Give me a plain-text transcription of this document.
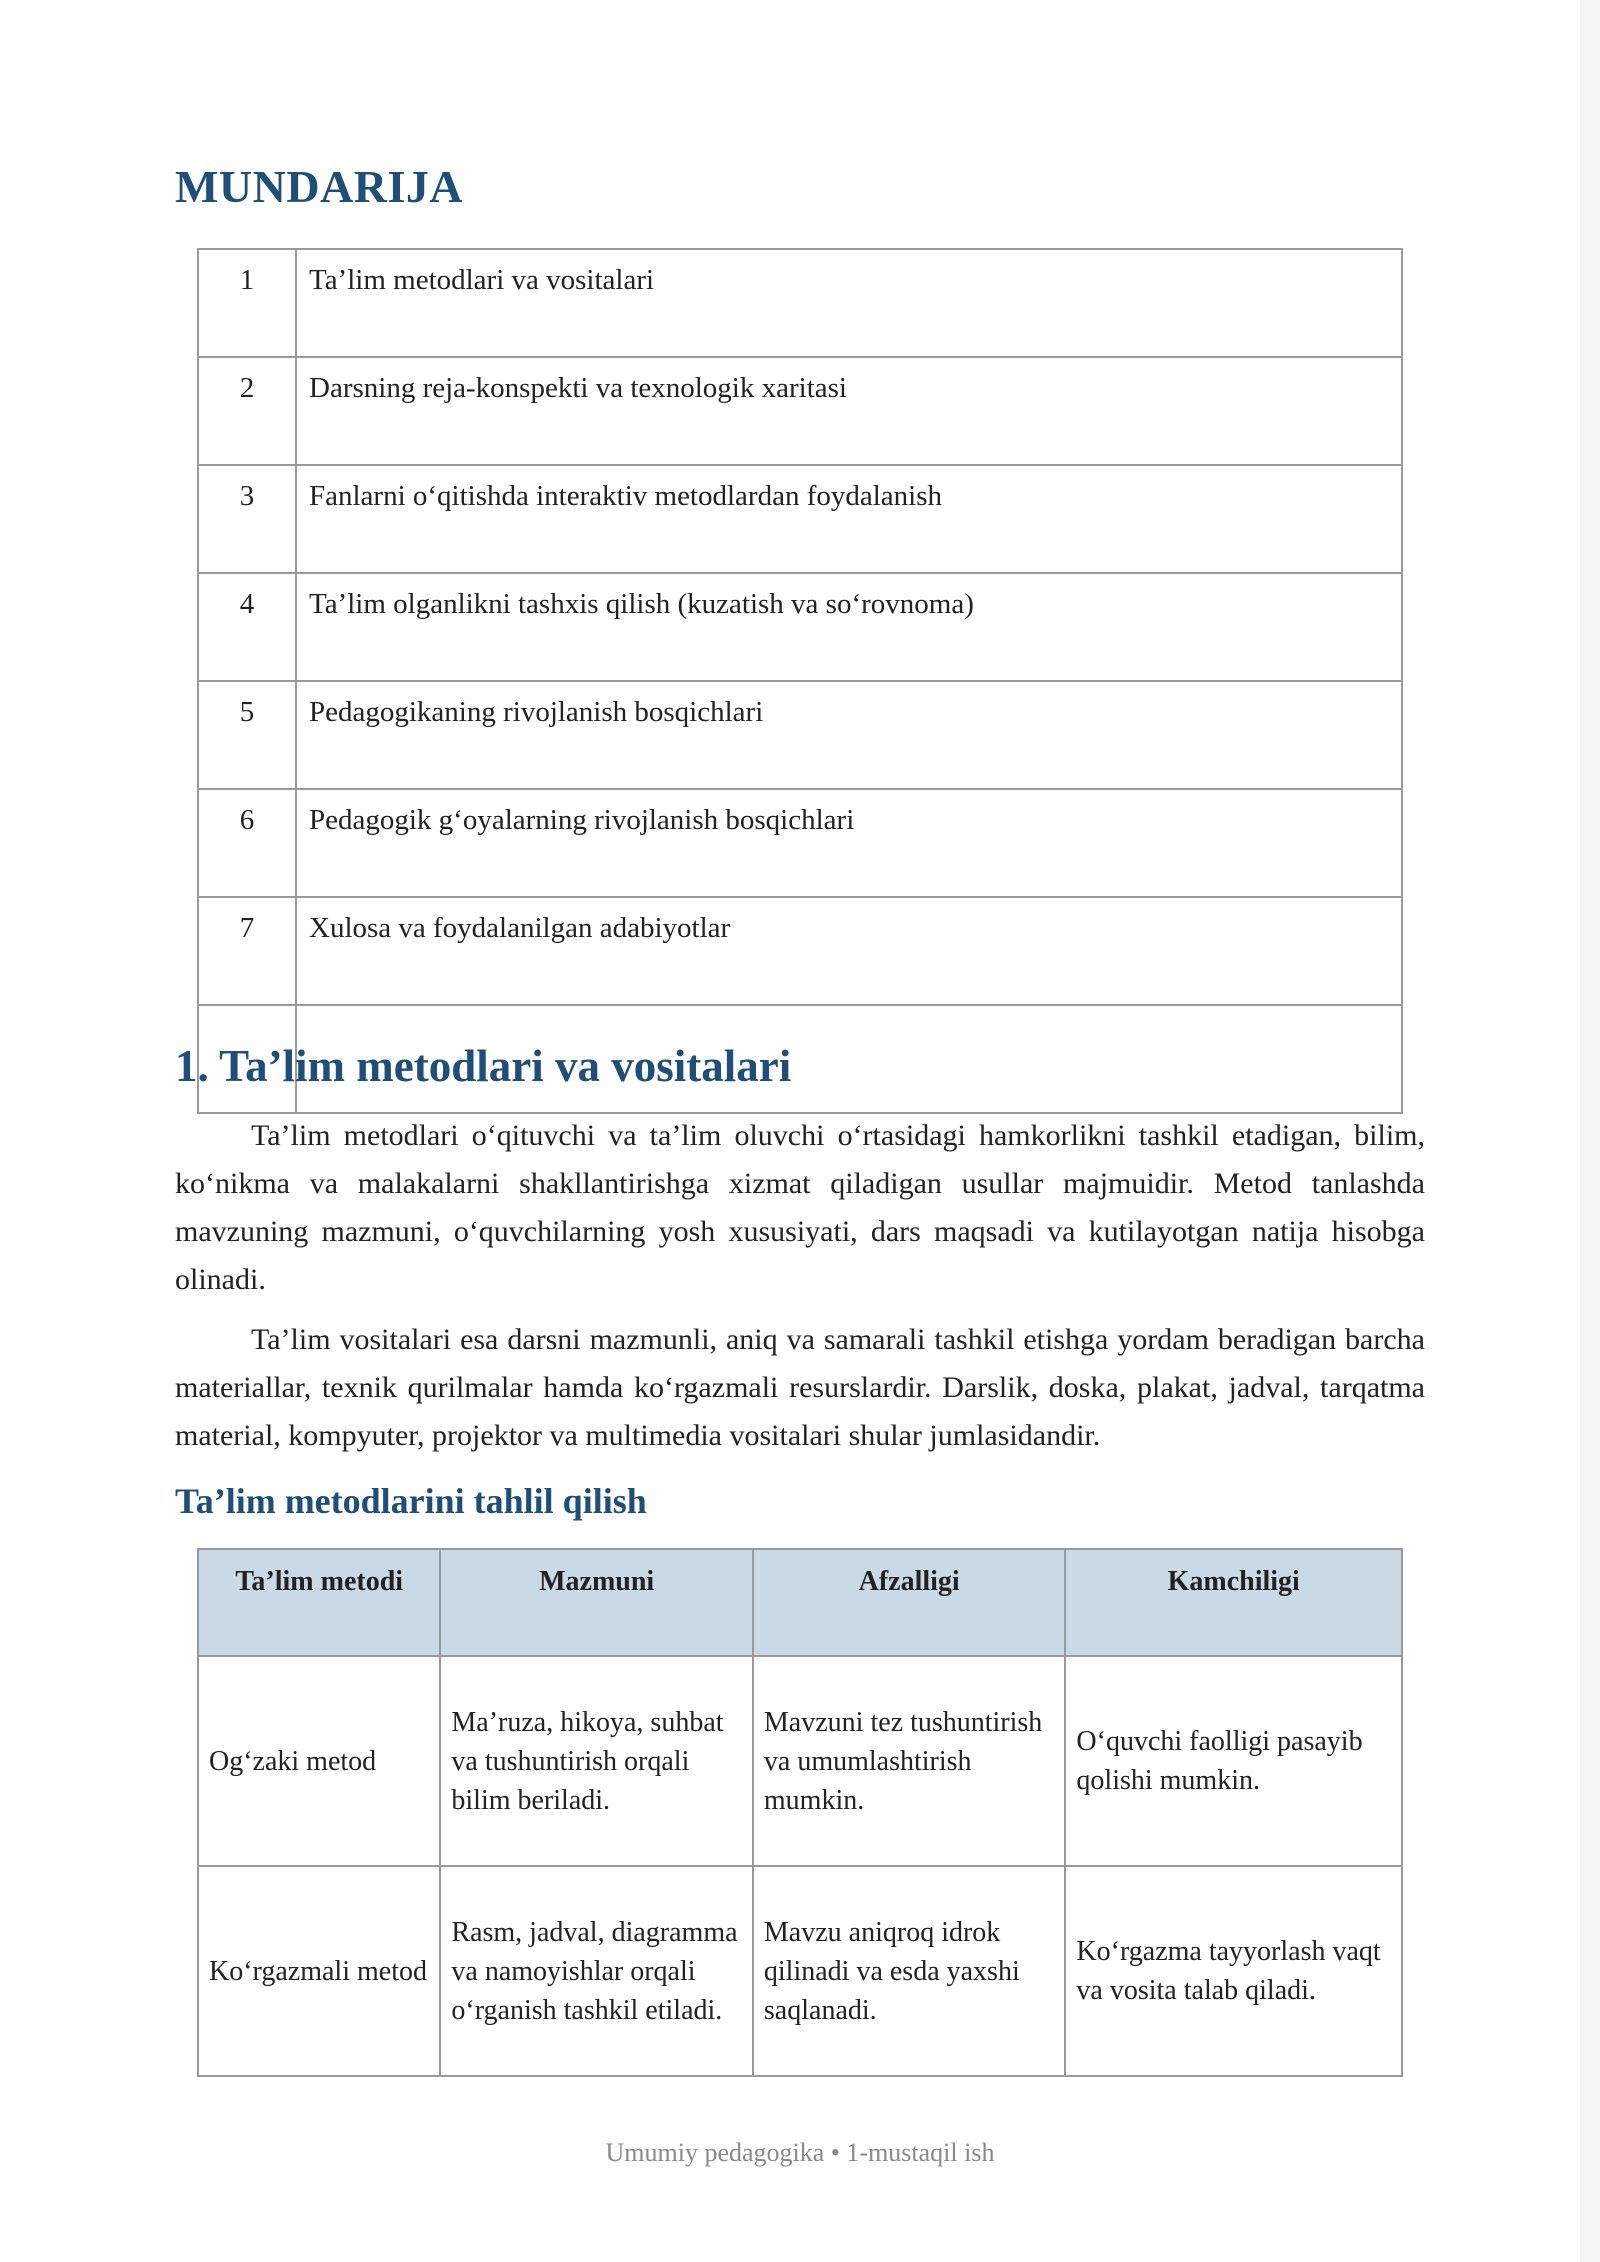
MUNDARIJA
1	Ta’lim metodlari va vositalari
2	Darsning reja-konspekti va texnologik xaritasi
3	Fanlarni o‘qitishda interaktiv metodlardan foydalanish
4	Ta’lim olganlikni tashxis qilish (kuzatish va so‘rovnoma)
5	Pedagogikaning rivojlanish bosqichlari
6	Pedagogik g‘oyalarning rivojlanish bosqichlari
7	Xulosa va foydalanilgan adabiyotlar

1. Ta’lim metodlari va vositalari

Ta’lim metodlari o‘qituvchi va ta’lim oluvchi o‘rtasidagi hamkorlikni tashkil etadigan, bilim, ko‘nikma va malakalarni shakllantirishga xizmat qiladigan usullar majmuidir. Metod tanlashda mavzuning mazmuni, o‘quvchilarning yosh xususiyati, dars maqsadi va kutilayotgan natija hisobga olinadi.

Ta’lim vositalari esa darsni mazmunli, aniq va samarali tashkil etishga yordam beradigan barcha materiallar, texnik qurilmalar hamda ko‘rgazmali resurslardir. Darslik, doska, plakat, jadval, tarqatma material, kompyuter, projektor va multimedia vositalari shular jumlasidandir.

Ta’lim metodlarini tahlil qilish
Ta’lim metodi	Mazmuni	Afzalligi	Kamchiligi
Og‘zaki metod	Ma’ruza, hikoya, suhbat va tushuntirish orqali bilim beriladi.	Mavzuni tez tushuntirish va umumlashtirish mumkin.	O‘quvchi faolligi pasayib qolishi mumkin.
Ko‘rgazmali metod	Rasm, jadval, diagramma va namoyishlar orqali o‘rganish tashkil etiladi.	Mavzu aniqroq idrok qilinadi va esda yaxshi saqlanadi.	Ko‘rgazma tayyorlash vaqt va vosita talab qiladi.
Umumiy pedagogika • 1-mustaqil ish
